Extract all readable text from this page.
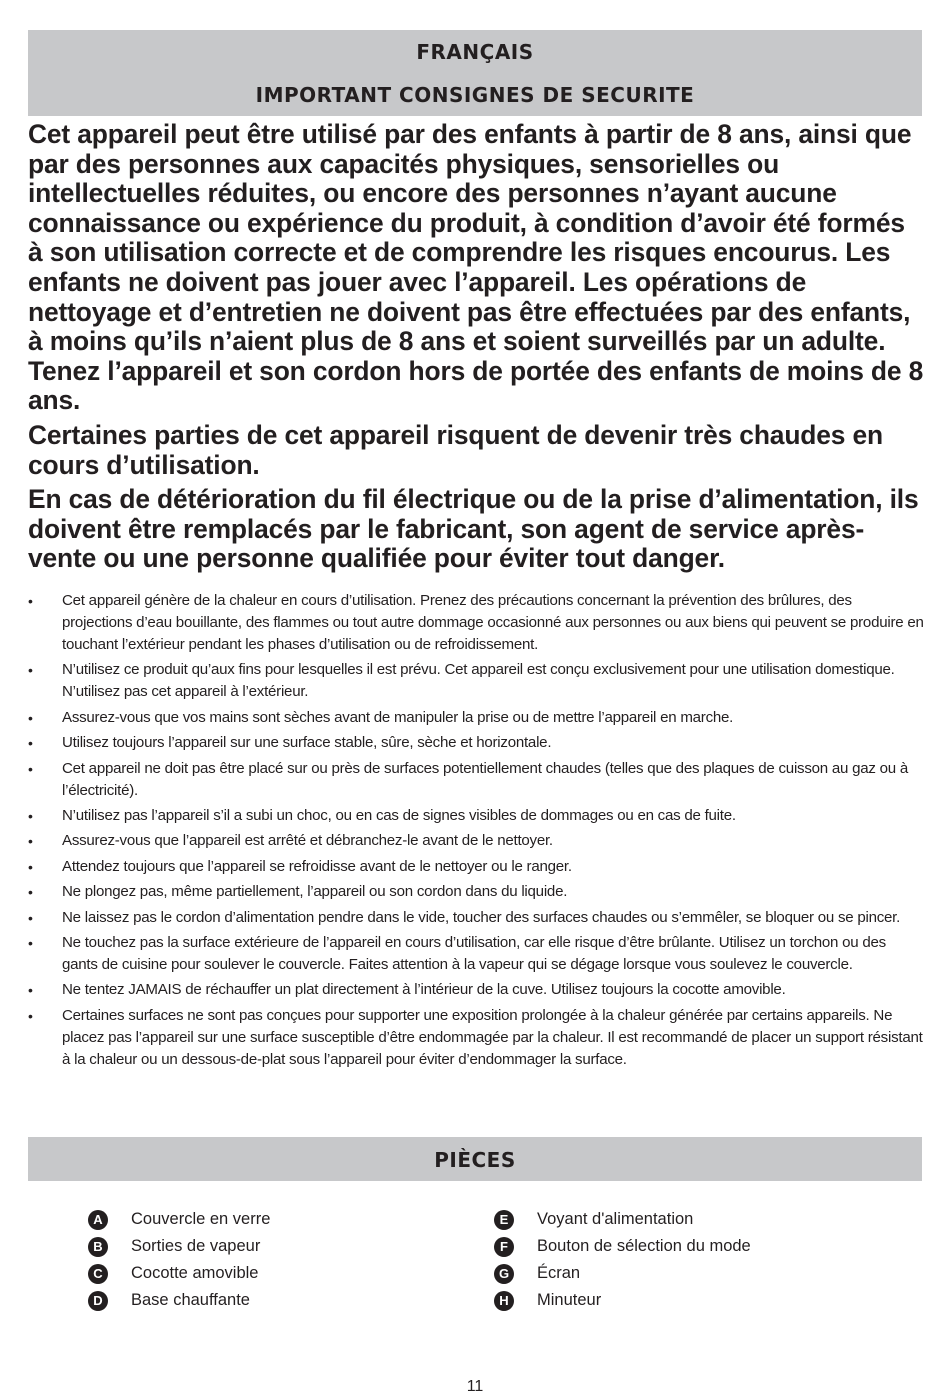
FRANÇAIS
IMPORTANT CONSIGNES DE SECURITE

Cet appareil peut être utilisé par des enfants à partir de 8 ans, ainsi que par des personnes aux capacités physiques, sensorielles ou intellectuelles réduites, ou encore des personnes n’ayant aucune connaissance ou expérience du produit, à condition d’avoir été formés à son utilisation correcte et de comprendre les risques encourus. Les enfants ne doivent pas jouer avec l’appareil. Les opérations de nettoyage et d’entretien ne doivent pas être effectuées par des enfants, à moins qu’ils n’aient plus de 8 ans et soient surveillés par un adulte. Tenez l’appareil et son cordon hors de portée des enfants de moins de 8 ans.

Certaines parties de cet appareil risquent de devenir très chaudes en cours d’utilisation.

En cas de détérioration du fil électrique ou de la prise d’alimentation, ils doivent être remplacés par le fabricant, son agent de service après-vente ou une personne qualifiée pour éviter tout danger.

• Cet appareil génère de la chaleur en cours d’utilisation. Prenez des précautions concernant la prévention des brûlures, des projections d’eau bouillante, des flammes ou tout autre dommage occasionné aux personnes ou aux biens qui peuvent se produire en touchant l’extérieur pendant les phases d’utilisation ou de refroidissement.
• N’utilisez ce produit qu’aux fins pour lesquelles il est prévu. Cet appareil est conçu exclusivement pour une utilisation domestique. N’utilisez pas cet appareil à l’extérieur.
• Assurez-vous que vos mains sont sèches avant de manipuler la prise ou de mettre l’appareil en marche.
• Utilisez toujours l’appareil sur une surface stable, sûre, sèche et horizontale.
• Cet appareil ne doit pas être placé sur ou près de surfaces potentiellement chaudes (telles que des plaques de cuisson au gaz ou à l’électricité).
• N’utilisez pas l’appareil s’il a subi un choc, ou en cas de signes visibles de dommages ou en cas de fuite.
• Assurez-vous que l’appareil est arrêté et débranchez-le avant de le nettoyer.
• Attendez toujours que l’appareil se refroidisse avant de le nettoyer ou le ranger.
• Ne plongez pas, même partiellement, l’appareil ou son cordon dans du liquide.
• Ne laissez pas le cordon d’alimentation pendre dans le vide, toucher des surfaces chaudes ou s’emmêler, se bloquer ou se pincer.
• Ne touchez pas la surface extérieure de l’appareil en cours d’utilisation, car elle risque d’être brûlante. Utilisez un torchon ou des gants de cuisine pour soulever le couvercle. Faites attention à la vapeur qui se dégage lorsque vous soulevez le couvercle.
• Ne tentez JAMAIS de réchauffer un plat directement à l’intérieur de la cuve. Utilisez toujours la cocotte amovible.
• Certaines surfaces ne sont pas conçues pour supporter une exposition prolongée à la chaleur générée par certains appareils. Ne placez pas l’appareil sur une surface susceptible d’être endommagée par la chaleur. Il est recommandé de placer un support résistant à la chaleur ou un dessous-de-plat sous l’appareil pour éviter d’endommager la surface.
PIÈCES
A	Couvercle en verre
B	Sorties de vapeur
C	Cocotte amovible
D	Base chauffante
E	Voyant d'alimentation
F	Bouton de sélection du mode
G Écran
H	Minuteur
11
